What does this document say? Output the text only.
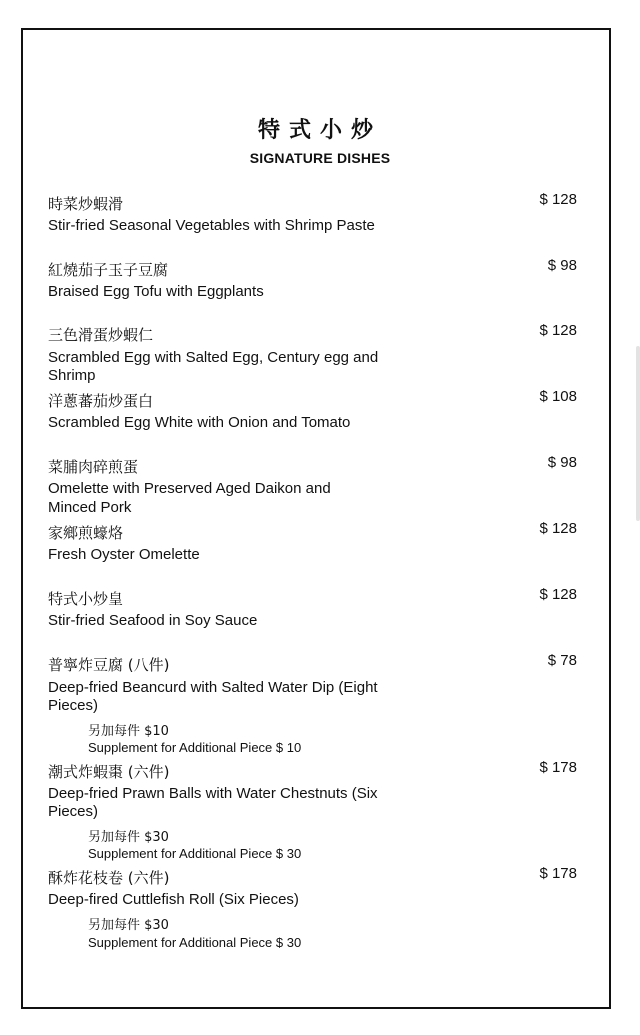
特式小炒
SIGNATURE DISHES
時菜炒蝦滑
Stir-fried Seasonal Vegetables with Shrimp Paste
$ 128
紅燒茄子玉子豆腐
Braised Egg Tofu with Eggplants
$ 98
三色滑蛋炒蝦仁
Scrambled Egg with Salted Egg, Century egg and
Shrimp
$ 128
洋蔥蕃茄炒蛋白
Scrambled Egg White with Onion and Tomato
$ 108
菜脯肉碎煎蛋
Omelette with Preserved Aged Daikon and
Minced Pork
$ 98
家鄉煎蠔烙
Fresh Oyster Omelette
$ 128
特式小炒皇
Stir-fried Seafood in Soy Sauce
$ 128
普寧炸豆腐 (八件)
Deep-fried Beancurd with Salted Water Dip (Eight
Pieces)
另加每件 $10
Supplement for Additional Piece $ 10
$ 78
潮式炸蝦棗 (六件)
Deep-fried Prawn Balls with Water Chestnuts (Six
Pieces)
另加每件 $30
Supplement for Additional Piece $ 30
$ 178
酥炸花枝卷 (六件)
Deep-fired Cuttlefish Roll (Six Pieces)
另加每件 $30
Supplement for Additional Piece $ 30
$ 178
